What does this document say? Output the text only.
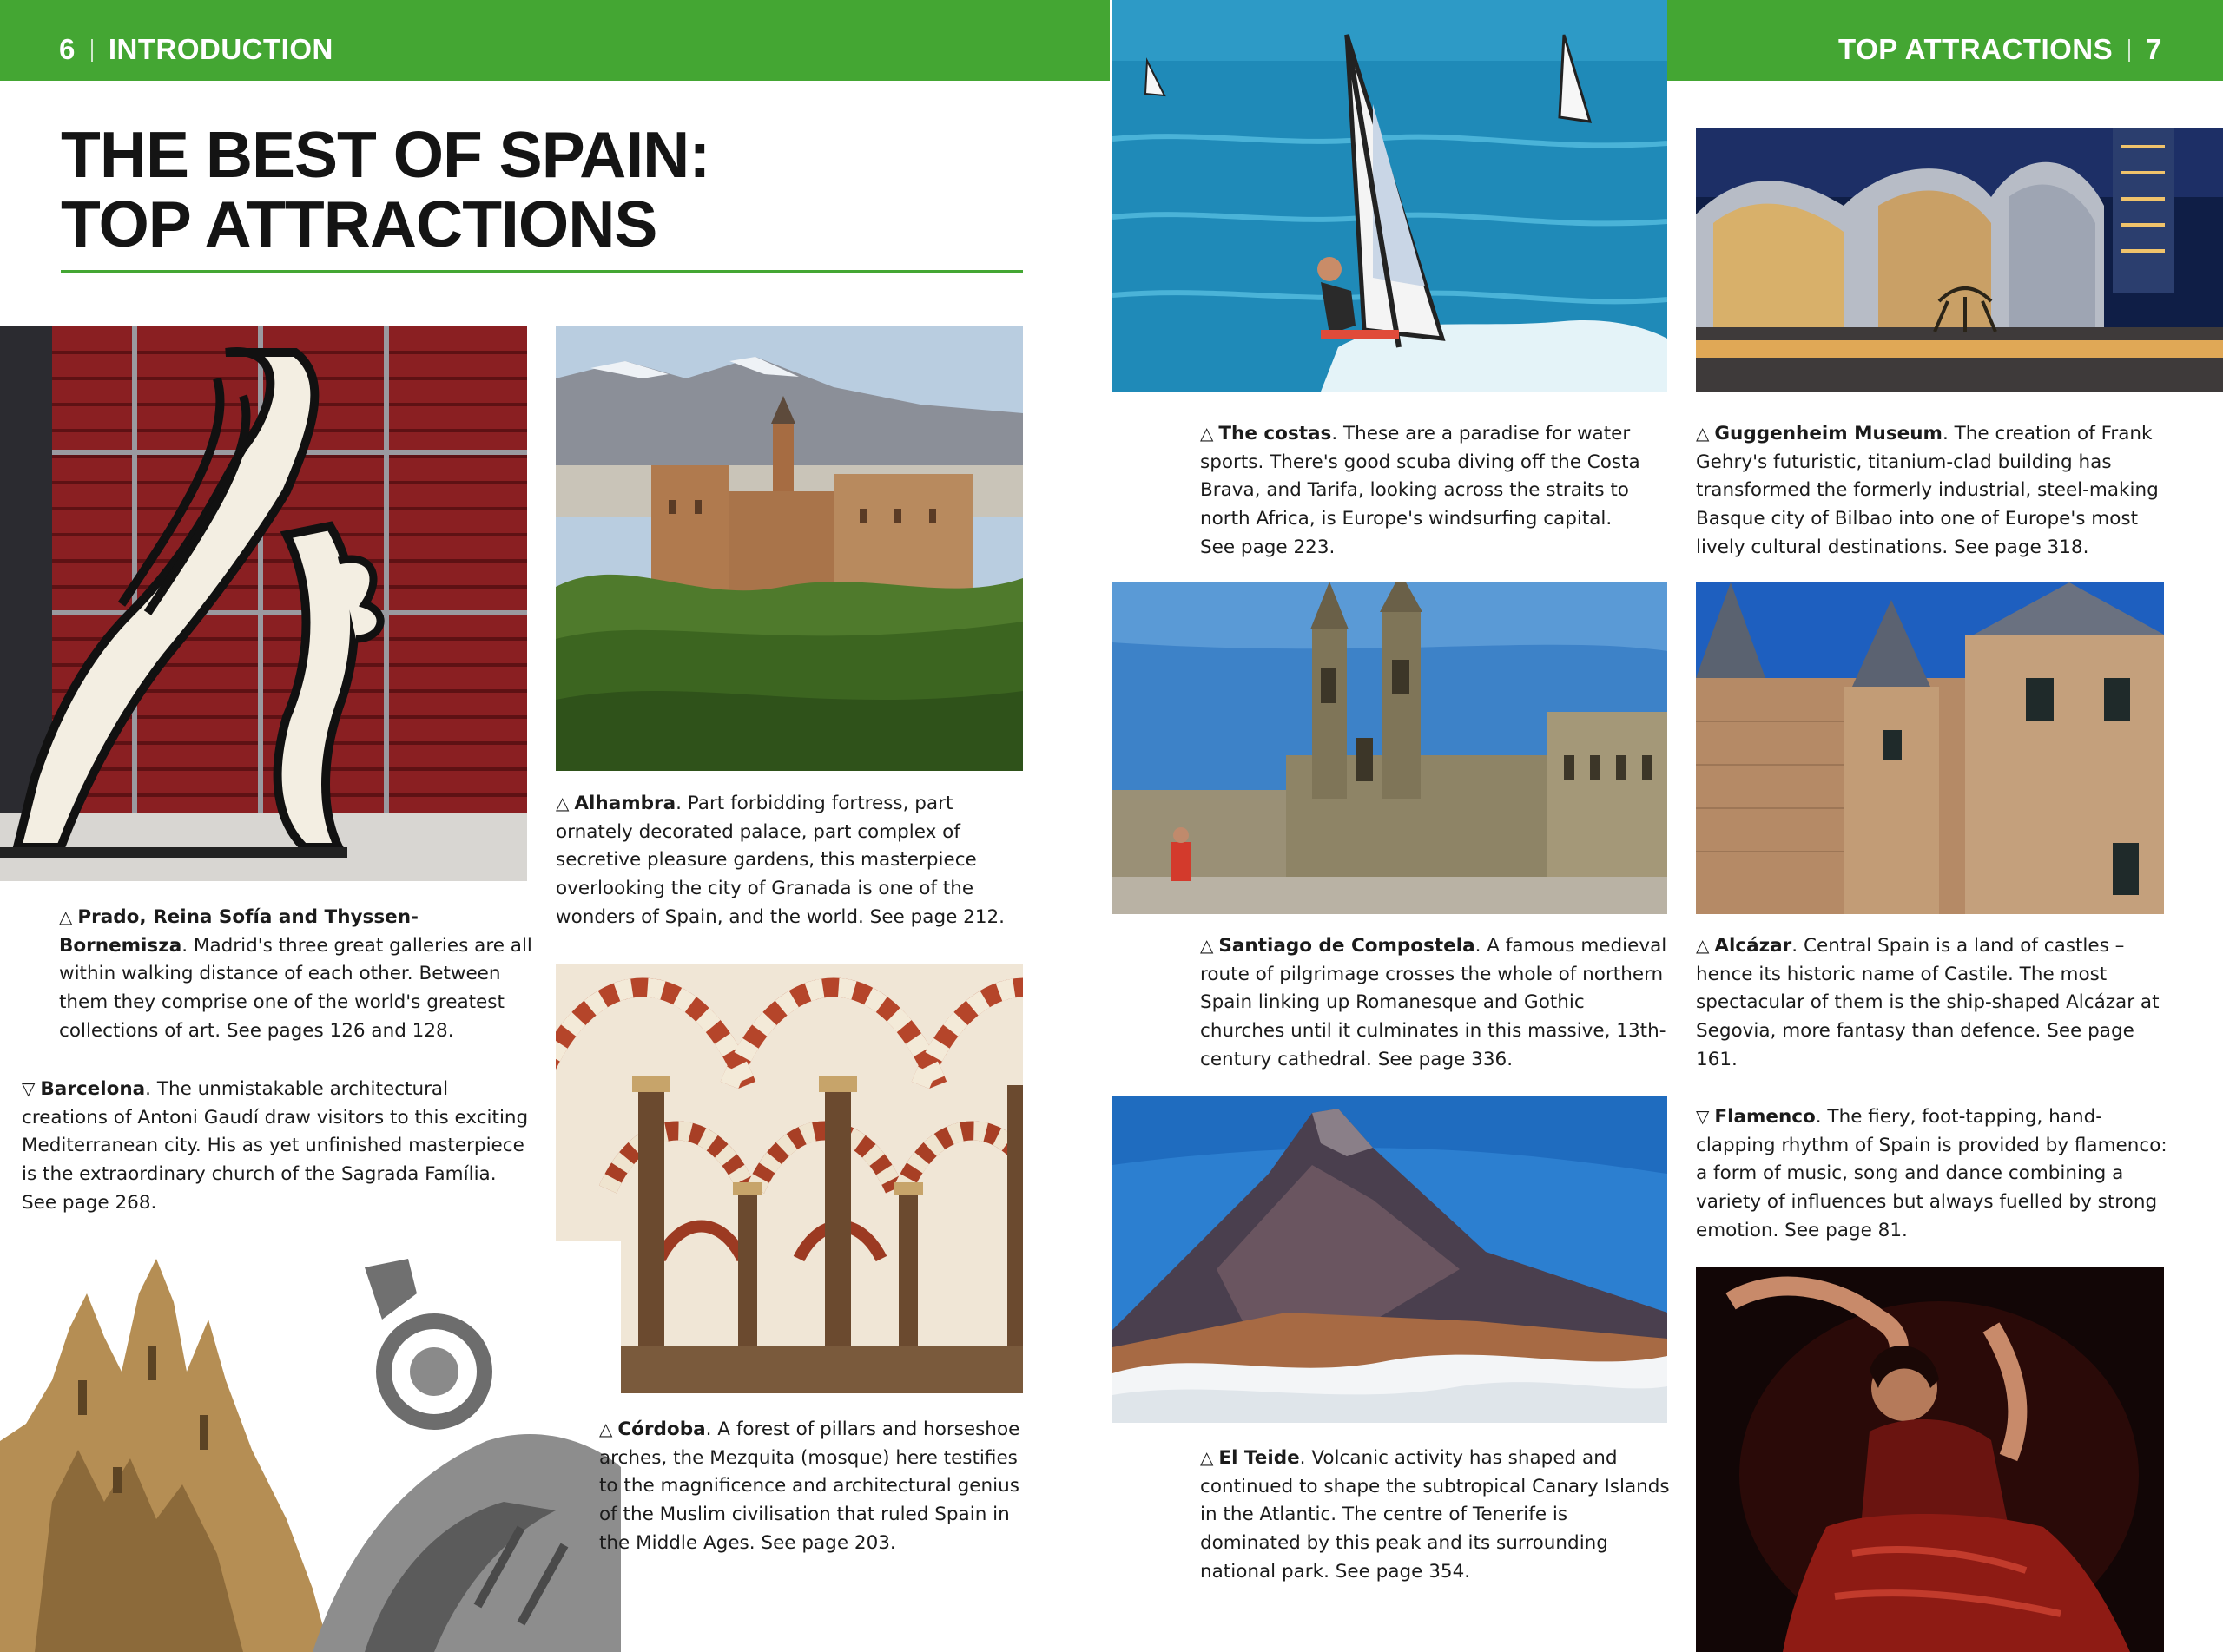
6 INTRODUCTION	TOP ATTRACTIONS 7
THE BEST OF SPAIN:
TOP ATTRACTIONS

△ Prado, Reina Sofía and Thyssen-Bornemisza. Madrid's three great galleries are all within walking distance of each other. Between them they comprise one of the world's greatest collections of art. See pages 126 and 128.

▽ Barcelona. The unmistakable architectural creations of Antoni Gaudí draw visitors to this exciting Mediterranean city. His as yet unfinished masterpiece is the extraordinary church of the Sagrada Família. See page 268.

△ Alhambra. Part forbidding fortress, part ornately decorated palace, part complex of secretive pleasure gardens, this masterpiece overlooking the city of Granada is one of the wonders of Spain, and the world. See page 212.

△ Córdoba. A forest of pillars and horseshoe arches, the Mezquita (mosque) here testifies to the magnificence and architectural genius of the Muslim civilisation that ruled Spain in the Middle Ages. See page 203.

△ The costas. These are a paradise for water sports. There's good scuba diving off the Costa Brava, and Tarifa, looking across the straits to north Africa, is Europe's windsurfing capital. See page 223.

△ Santiago de Compostela. A famous medieval route of pilgrimage crosses the whole of northern Spain linking up Romanesque and Gothic churches until it culminates in this massive, 13th-century cathedral. See page 336.

△ El Teide. Volcanic activity has shaped and continued to shape the subtropical Canary Islands in the Atlantic. The centre of Tenerife is dominated by this peak and its surrounding national park. See page 354.

△ Guggenheim Museum. The creation of Frank Gehry's futuristic, titanium-clad building has transformed the formerly industrial, steel-making Basque city of Bilbao into one of Europe's most lively cultural destinations. See page 318.

△ Alcázar. Central Spain is a land of castles – hence its historic name of Castile. The most spectacular of them is the ship-shaped Alcázar at Segovia, more fantasy than defence. See page 161.

▽ Flamenco. The fiery, foot-tapping, hand-clapping rhythm of Spain is provided by flamenco: a form of music, song and dance combining a variety of influences but always fuelled by strong emotion. See page 81.
